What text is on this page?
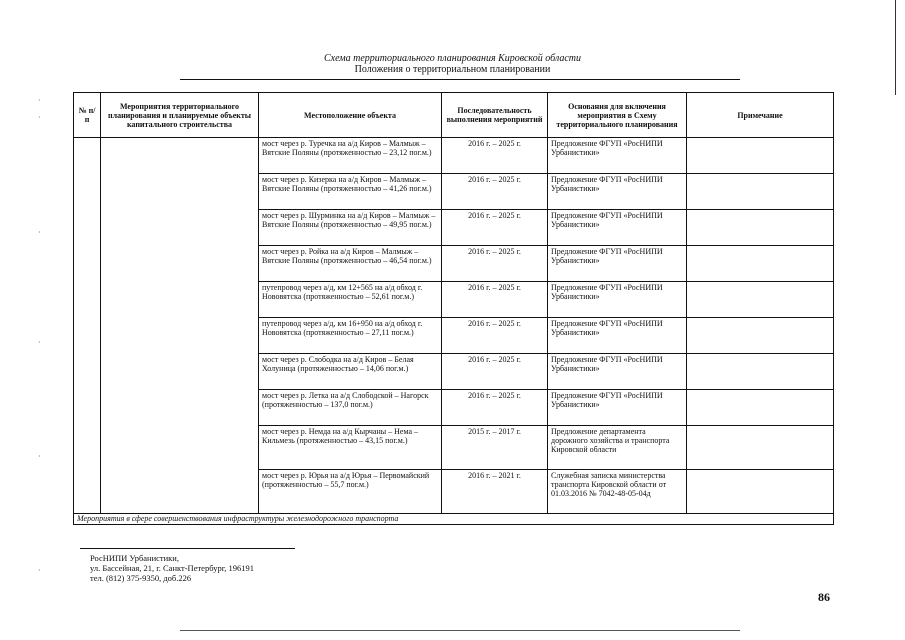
Схема территориального планирования Кировской области
Положения о территориальном планировании
·
·
·
·
·
·
№ п/п	Мероприятия территориального планирования и планируемые объекты капитального строительства	Местоположение объекта	Последовательность выполнения мероприятий	Основания для включения мероприятия в Схему территориального планирования	Примечание
		мост через р. Туречка на а/д Киров – Малмыж – Вятские Поляны (протяженностью – 23,12 пог.м.)	2016 г. – 2025 г.	Предложение ФГУП «РосНИПИ Урбанистики»	
		мост через р. Кизерка на а/д Киров – Малмыж – Вятские Поляны (протяженностью – 41,26 пог.м.)	2016 г. – 2025 г.	Предложение ФГУП «РосНИПИ Урбанистики»	
		мост через р. Шурминка на а/д Киров – Малмыж – Вятские Поляны (протяженностью – 49,95 пог.м.)	2016 г. – 2025 г.	Предложение ФГУП «РосНИПИ Урбанистики»	
		мост через р. Ройка на а/д Киров – Малмыж – Вятские Поляны (протяженностью – 46,54 пог.м.)	2016 г. – 2025 г.	Предложение ФГУП «РосНИПИ Урбанистики»	
		путепровод через а/д, км 12+565 на а/д обход г. Нововятска (протяженностью – 52,61 пог.м.)	2016 г. – 2025 г.	Предложение ФГУП «РосНИПИ Урбанистики»	
		путепровод через а/д, км 16+950 на а/д обход г. Нововятска (протяженностью – 27,11 пог.м.)	2016 г. – 2025 г.	Предложение ФГУП «РосНИПИ Урбанистики»	
		мост через р. Слободка на а/д Киров – Белая Холуница (протяженностью – 14,06 пог.м.)	2016 г. – 2025 г.	Предложение ФГУП «РосНИПИ Урбанистики»	
		мост через р. Летка на а/д Слободской – Нагорск (протяженностью – 137,0 пог.м.)	2016 г. – 2025 г.	Предложение ФГУП «РосНИПИ Урбанистики»	
		мост через р. Немда на а/д Кырчаны – Нема – Кильмезь (протяженностью – 43,15 пог.м.)	2015 г. – 2017 г.	Предложение департамента дорожного хозяйства и транспорта Кировской области	
		мост через р. Юрья на а/д Юрья – Первомайский (протяженностью – 55,7 пог.м.)	2016 г. – 2021 г.	Служебная записка министерства транспорта Кировской области от 01.03.2016 № 7042-48-05-04д	
Мероприятия в сфере совершенствования инфраструктуры железнодорожного транспорта					
РосНИПИ Урбанистики,
ул. Бассейная, 21, г. Санкт-Петербург, 196191
тел. (812) 375-9350, доб.226
86
